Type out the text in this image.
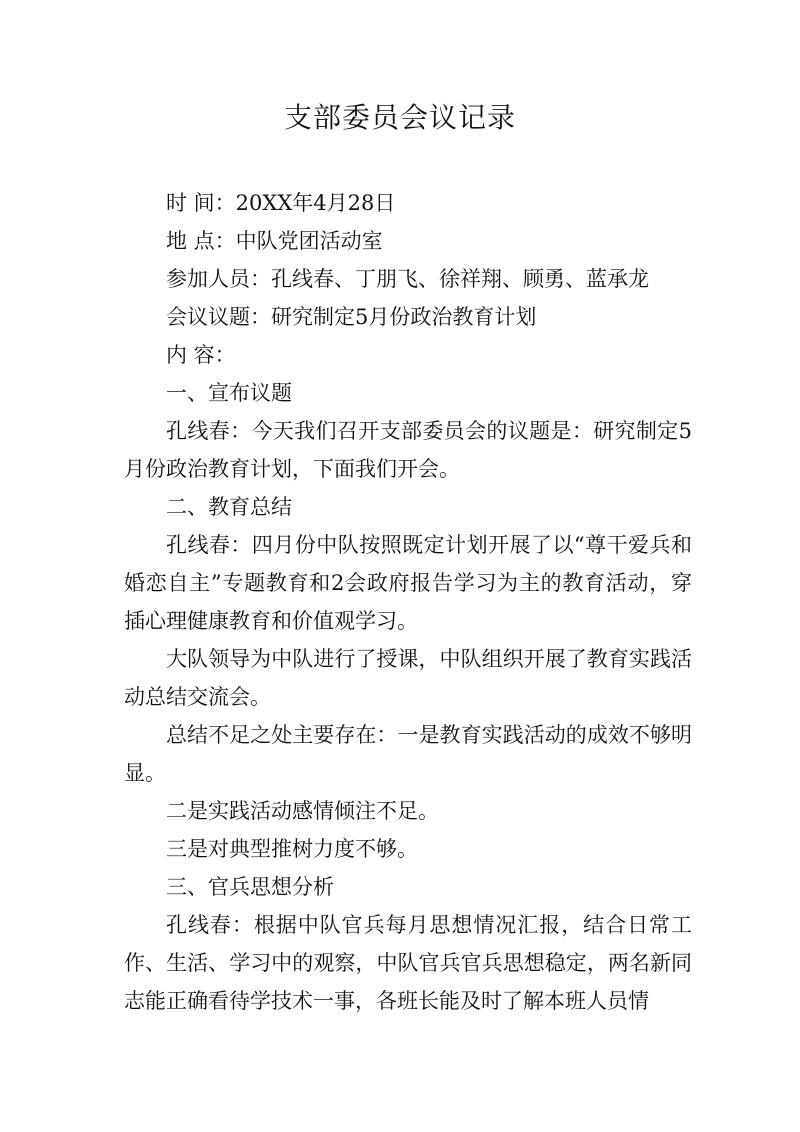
支部委员会议记录

时 间：20XX年4月28日

地 点：中队党团活动室

参加人员：孔线春、丁朋飞、徐祥翔、顾勇、蓝承龙

会议议题：研究制定5月份政治教育计划

内 容：

一、宣布议题

孔线春：今天我们召开支部委员会的议题是：研究制定5月份政治教育计划，下面我们开会。

二、教育总结

孔线春：四月份中队按照既定计划开展了以“尊干爱兵和婚恋自主”专题教育和2会政府报告学习为主的教育活动，穿插心理健康教育和价值观学习。

大队领导为中队进行了授课，中队组织开展了教育实践活动总结交流会。

总结不足之处主要存在：一是教育实践活动的成效不够明显。

二是实践活动感情倾注不足。

三是对典型推树力度不够。

三、官兵思想分析

孔线春：根据中队官兵每月思想情况汇报，结合日常工作、生活、学习中的观察，中队官兵官兵思想稳定，两名新同志能正确看待学技术一事，各班长能及时了解本班人员情
